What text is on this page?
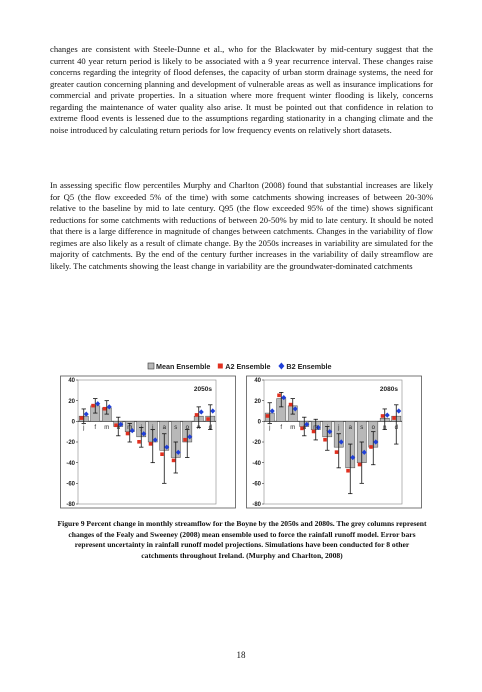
changes are consistent with Steele-Dunne et al., who for the Blackwater by mid-century suggest that the current 40 year return period is likely to be associated with a 9 year recurrence interval. These changes raise concerns regarding the integrity of flood defenses, the capacity of urban storm drainage systems, the need for greater caution concerning planning and development of vulnerable areas as well as insurance implications for commercial and private properties. In a situation where more frequent winter flooding is likely, concerns regarding the maintenance of water quality also arise. It must be pointed out that confidence in relation to extreme flood events is lessened due to the assumptions regarding stationarity in a changing climate and the noise introduced by calculating return periods for low frequency events on relatively short datasets.

In assessing specific flow percentiles Murphy and Charlton (2008) found that substantial increases are likely for Q5 (the flow exceeded 5% of the time) with some catchments showing increases of between 20-30% relative to the baseline by mid to late century. Q95 (the flow exceeded 95% of the time) shows significant reductions for some catchments with reductions of between 20-50% by mid to late century. It should be noted that there is a large difference in magnitude of changes between catchments. Changes in the variability of flow regimes are also likely as a result of climate change. By the 2050s increases in variability are simulated for the majority of catchments. By the end of the century further increases in the variability of daily streamflow are likely. The catchments showing the least change in variability are the groundwater-dominated catchments

Mean Ensemble A2 Ensemble B2 Ensemble
-80
-60
-40
-20
0
20
40
2050s
j f m a m j j a s o n d
-80
-60
-40
-20
0
20
40
2080s
j f m a m j j a s o n d

Figure 9 Percent change in monthly streamflow for the Boyne by the 2050s and 2080s. The grey columns represent changes of the Fealy and Sweeney (2008) mean ensemble used to force the rainfall runoff model. Error bars represent uncertainty in rainfall runoff model projections. Simulations have been conducted for 8 other catchments throughout Ireland. (Murphy and Charlton, 2008)

18
